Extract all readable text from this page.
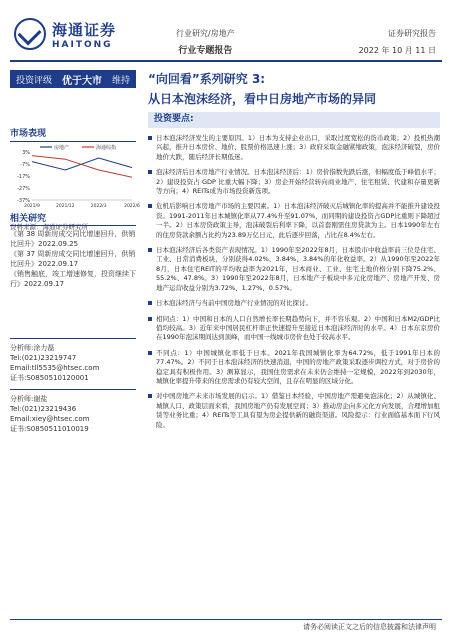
海通证券
HAITONG
行业研究/房地产
行业专题报告
证券研究报告
2022 年 10 月 11 日
投资评级 优于大市 维持 “向回看”系列研究 3:
从日本泡沫经济，看中日房地产市场的异同
市场表现
房地产	海通综指
3%
-7%
-17%
-27%
-37%
2021/9	2021/12	2022/3	2022/6
资料来源：海通证券研究所
相关研究
《第 38 周新房成交同比增速回升，供销比回升》2022.09.25
《第 37 周新房成交同比增速回升，供销比回升》2022.09.17
《销售触底，竣工增速修复，投资继续下行》2022.09.17
分析师:涂力磊
Tel:(021)23219747
Email:tll5535@htsec.com
证书:S0850510120001
分析师:谢盐
Tel:(021)23219436
Email:xiey@htsec.com
证书:S0850511010019
投资要点:
日本泡沫经济发生的主要原因。1）日本为支持企业出口，采取过度宽松的货币政策；2）投机热潮兴起，推升日本房价、地价、股票价格迅速上涨；3）政府采取金融紧缩政策，泡沫经济破裂，房价地价大跌，随后经济长期低迷。
泡沫经济后日本房地产行业情况。日本泡沫经济后：1）房价指数先跌后涨，但幅度低于峰值水平；2）建设投资占 GDP 比重大幅下降；3）房企开始经营转向商业地产、住宅租赁、代建和存量更新等方向；4）REITs成为市场投资新选项。
危机后影响日本房地产市场的主要因素。1）日本泡沫经济破灭后城镇化率的提高并不能推升建设投资。1991-2011年日本城镇化率从77.4%升至91.07%，而同期的建设投资占GDP比重则下降超过一半。2）日本房贷政策主导，泡沫破裂后利率下降，以首套刚需住房贷款为主。日本1990年左右的住房贷款余额占比约为23.89万亿日元，此后逐步回落，占比在8.4%左右。
日本泡沫经济后各类资产表现情况。1）1990年至2022年8月，日本股市中收益率前三位是住宅、工业、日常消费板块，分别获得4.02%、3.84%、3.84%的年化收益率。2）从1990年至2022年8月，日本住宅REIT的平均收益率为2021年，日本商业、工业、住宅土地价格分别下降75.2%、55.2%、47.8%。3）1990年至2022年8月，日本地产子板块中多元化房地产、房地产开发、房地产运营收益分别为3.72%、1.27%、0.57%。
日本泡沫经济与当前中国房地产行业情况的对比探讨。
相同点：1）中国和日本的人口自然增长率长期趋势向下，并不容乐观。2）中国和日本M2/GDP比值均较高。3）近年来中国居民杠杆率正快速提升至接近日本泡沫经济时的水平。4）日本东京房价在1990年泡沫期间达到顶峰，而中国一线城市房价也处于较高水平。
不同点：1）中国城镇化率低于日本。2021年我国城镇化率为64.72%，低于1991年日本的77.47%。2）不同于日本泡沫经济的快速消退，中国的房地产政策采取逐步调控方式，对于房价的稳定具有积极作用。3）测算显示，我国住房需求在未来仍会维持一定规模，2022年到2030年，城镇化率提升带来的住房需求仍有较大空间，且存在明显的区域分化。
对中国房地产未来市场发展的启示。1）借鉴日本经验，中国房地产需避免泡沫化；2）从城镇化、城镇人口、政策层面来看，我国房地产仍有发展空间；3）推动房企向多元化方向发展，合理增加租赁等业务比重；4）REITs等工具有望为房企提供新的融资渠道。风险提示：行业面临基本面下行风险。
请务必阅读正文之后的信息披露和法律声明
